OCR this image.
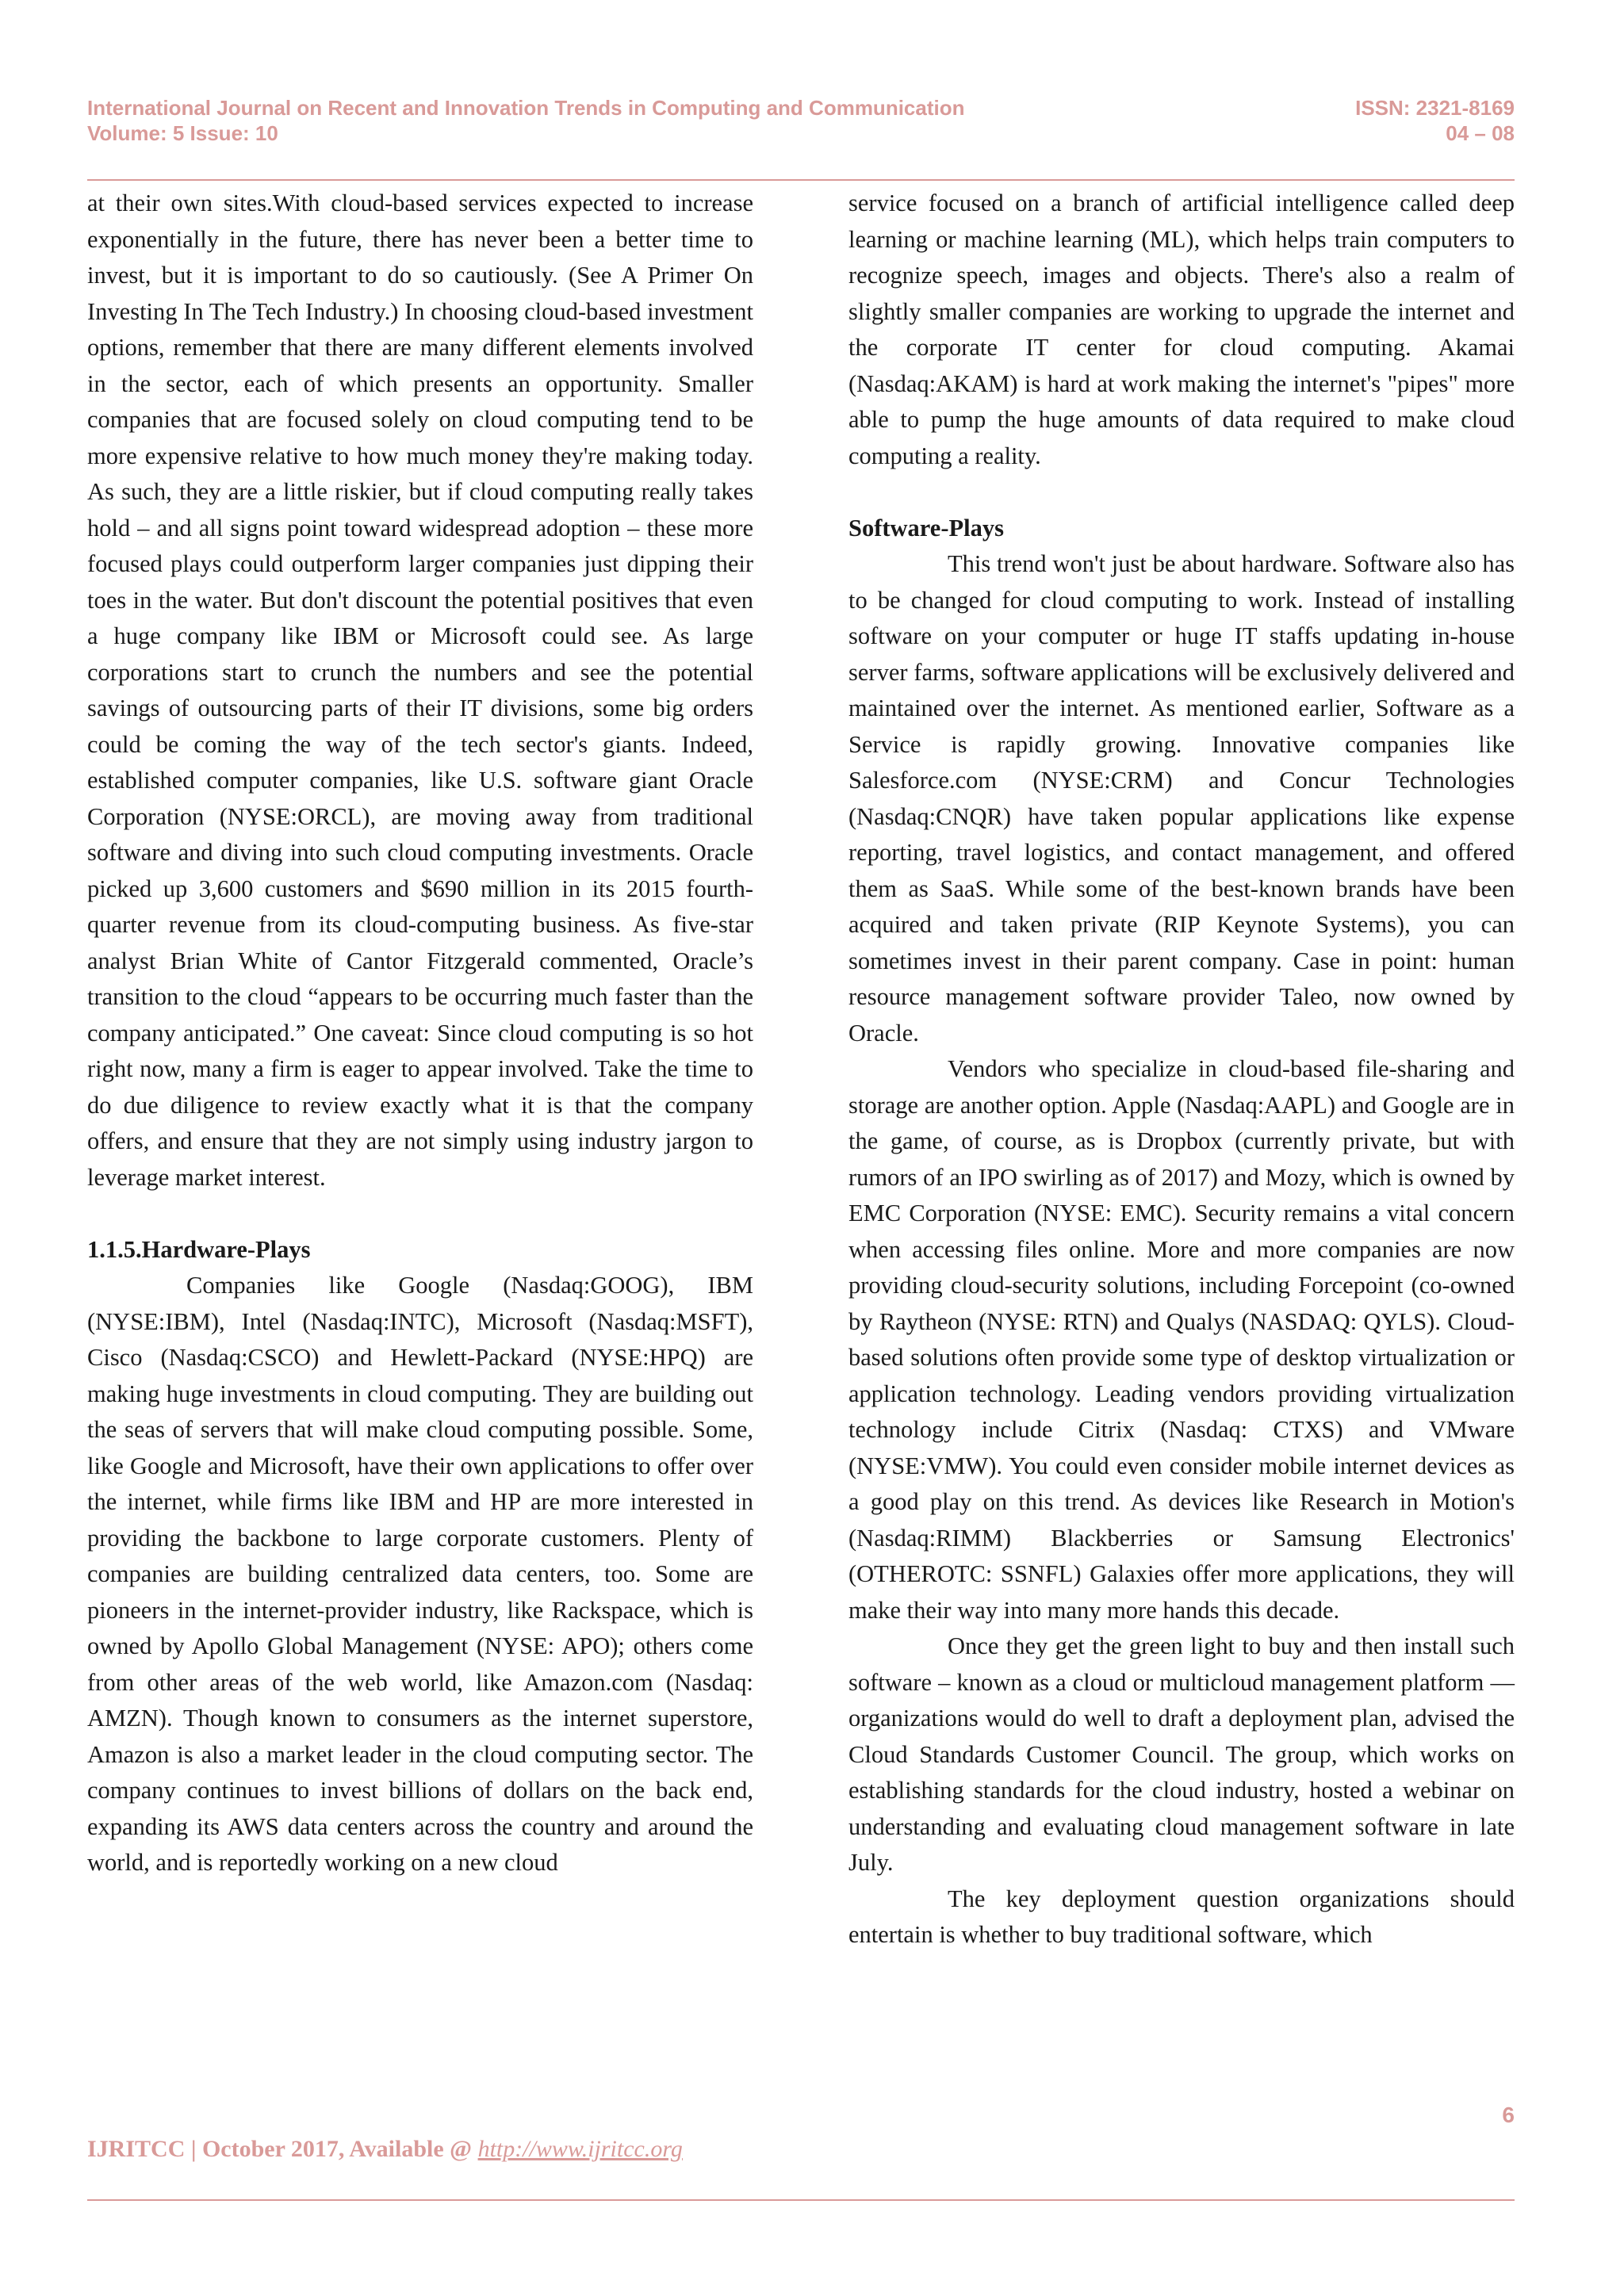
International Journal on Recent and Innovation Trends in Computing and Communication
Volume: 5 Issue: 10
ISSN: 2321-8169
04 – 08

at their own sites.With cloud-based services expected to increase exponentially in the future, there has never been a better time to invest, but it is important to do so cautiously. (See A Primer On Investing In The Tech Industry.) In choosing cloud-based investment options, remember that there are many different elements involved in the sector, each of which presents an opportunity. Smaller companies that are focused solely on cloud computing tend to be more expensive relative to how much money they're making today. As such, they are a little riskier, but if cloud computing really takes hold – and all signs point toward widespread adoption – these more focused plays could outperform larger companies just dipping their toes in the water. But don't discount the potential positives that even a huge company like IBM or Microsoft could see. As large corporations start to crunch the numbers and see the potential savings of outsourcing parts of their IT divisions, some big orders could be coming the way of the tech sector's giants. Indeed, established computer companies, like U.S. software giant Oracle Corporation (NYSE:ORCL), are moving away from traditional software and diving into such cloud computing investments. Oracle picked up 3,600 customers and $690 million in its 2015 fourth-quarter revenue from its cloud-computing business. As five-star analyst Brian White of Cantor Fitzgerald commented, Oracle’s transition to the cloud “appears to be occurring much faster than the company anticipated.” One caveat: Since cloud computing is so hot right now, many a firm is eager to appear involved. Take the time to do due diligence to review exactly what it is that the company offers, and ensure that they are not simply using industry jargon to leverage market interest.

1.1.5.Hardware-Plays

Companies like Google (Nasdaq:GOOG), IBM (NYSE:IBM), Intel (Nasdaq:INTC), Microsoft (Nasdaq:MSFT), Cisco (Nasdaq:CSCO) and Hewlett-Packard (NYSE:HPQ) are making huge investments in cloud computing. They are building out the seas of servers that will make cloud computing possible. Some, like Google and Microsoft, have their own applications to offer over the internet, while firms like IBM and HP are more interested in providing the backbone to large corporate customers. Plenty of companies are building centralized data centers, too. Some are pioneers in the internet-provider industry, like Rackspace, which is owned by Apollo Global Management (NYSE: APO); others come from other areas of the web world, like Amazon.com (Nasdaq: AMZN). Though known to consumers as the internet superstore, Amazon is also a market leader in the cloud computing sector. The company continues to invest billions of dollars on the back end, expanding its AWS data centers across the country and around the world, and is reportedly working on a new cloud

service focused on a branch of artificial intelligence called deep learning or machine learning (ML), which helps train computers to recognize speech, images and objects. There's also a realm of slightly smaller companies are working to upgrade the internet and the corporate IT center for cloud computing. Akamai (Nasdaq:AKAM) is hard at work making the internet's "pipes" more able to pump the huge amounts of data required to make cloud computing a reality.

Software-Plays

This trend won't just be about hardware. Software also has to be changed for cloud computing to work. Instead of installing software on your computer or huge IT staffs updating in-house server farms, software applications will be exclusively delivered and maintained over the internet. As mentioned earlier, Software as a Service is rapidly growing. Innovative companies like Salesforce.com (NYSE:CRM) and Concur Technologies (Nasdaq:CNQR) have taken popular applications like expense reporting, travel logistics, and contact management, and offered them as SaaS. While some of the best-known brands have been acquired and taken private (RIP Keynote Systems), you can sometimes invest in their parent company. Case in point: human resource management software provider Taleo, now owned by Oracle.

Vendors who specialize in cloud-based file-sharing and storage are another option. Apple (Nasdaq:AAPL) and Google are in the game, of course, as is Dropbox (currently private, but with rumors of an IPO swirling as of 2017) and Mozy, which is owned by EMC Corporation (NYSE: EMC). Security remains a vital concern when accessing files online. More and more companies are now providing cloud-security solutions, including Forcepoint (co-owned by Raytheon (NYSE: RTN) and Qualys (NASDAQ: QYLS). Cloud-based solutions often provide some type of desktop virtualization or application technology. Leading vendors providing virtualization technology include Citrix (Nasdaq: CTXS) and VMware (NYSE:VMW). You could even consider mobile internet devices as a good play on this trend. As devices like Research in Motion's (Nasdaq:RIMM) Blackberries or Samsung Electronics' (OTHEROTC: SSNFL) Galaxies offer more applications, they will make their way into many more hands this decade.

Once they get the green light to buy and then install such software – known as a cloud or multicloud management platform — organizations would do well to draft a deployment plan, advised the Cloud Standards Customer Council. The group, which works on establishing standards for the cloud industry, hosted a webinar on understanding and evaluating cloud management software in late July.

The key deployment question organizations should entertain is whether to buy traditional software, which

6
IJRITCC | October 2017, Available @ http://www.ijritcc.org
